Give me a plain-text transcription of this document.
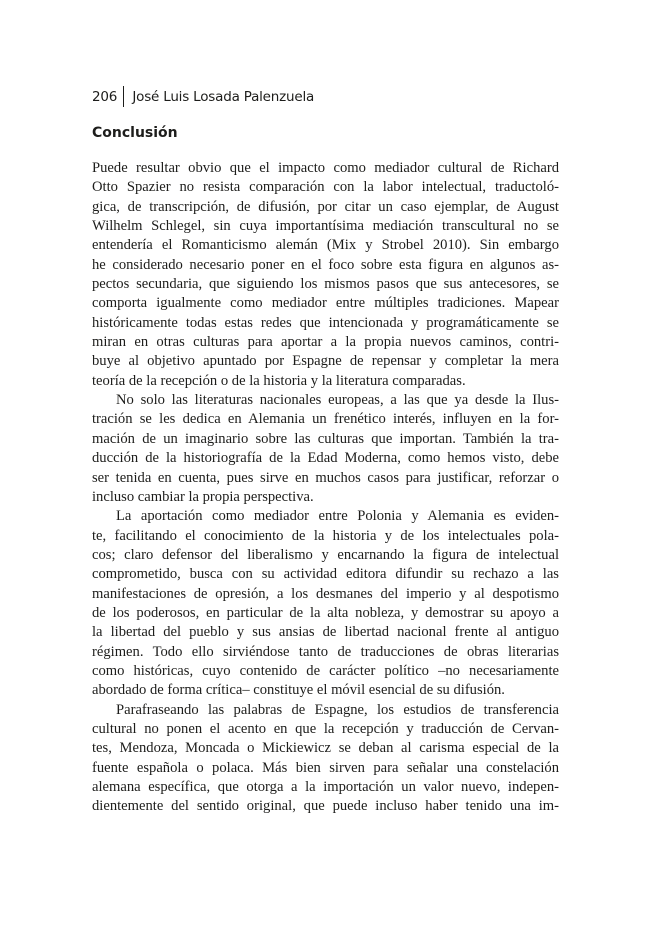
206	José Luis Losada Palenzuela
Conclusión
Puede resultar obvio que el impacto como mediador cultural de Richard
Otto Spazier no resista comparación con la labor intelectual, traductoló-
gica, de transcripción, de difusión, por citar un caso ejemplar, de August
Wilhelm Schlegel, sin cuya importantísima mediación transcultural no se
entendería el Romanticismo alemán (Mix y Strobel 2010). Sin embargo
he considerado necesario poner en el foco sobre esta figura en algunos as-
pectos secundaria, que siguiendo los mismos pasos que sus antecesores, se
comporta igualmente como mediador entre múltiples tradiciones. Mapear
históricamente todas estas redes que intencionada y programáticamente se
miran en otras culturas para aportar a la propia nuevos caminos, contri-
buye al objetivo apuntado por Espagne de repensar y completar la mera
teoría de la recepción o de la historia y la literatura comparadas.
No solo las literaturas nacionales europeas, a las que ya desde la Ilus-
tración se les dedica en Alemania un frenético interés, influyen en la for-
mación de un imaginario sobre las culturas que importan. También la tra-
ducción de la historiografía de la Edad Moderna, como hemos visto, debe
ser tenida en cuenta, pues sirve en muchos casos para justificar, reforzar o
incluso cambiar la propia perspectiva.
La aportación como mediador entre Polonia y Alemania es eviden-
te, facilitando el conocimiento de la historia y de los intelectuales pola-
cos; claro defensor del liberalismo y encarnando la figura de intelectual
comprometido, busca con su actividad editora difundir su rechazo a las
manifestaciones de opresión, a los desmanes del imperio y al despotismo
de los poderosos, en particular de la alta nobleza, y demostrar su apoyo a
la libertad del pueblo y sus ansias de libertad nacional frente al antiguo
régimen. Todo ello sirviéndose tanto de traducciones de obras literarias
como históricas, cuyo contenido de carácter político –no necesariamente
abordado de forma crítica– constituye el móvil esencial de su difusión.
Parafraseando las palabras de Espagne, los estudios de transferencia
cultural no ponen el acento en que la recepción y traducción de Cervan-
tes, Mendoza, Moncada o Mickiewicz se deban al carisma especial de la
fuente española o polaca. Más bien sirven para señalar una constelación
alemana específica, que otorga a la importación un valor nuevo, indepen-
dientemente del sentido original, que puede incluso haber tenido una im-
